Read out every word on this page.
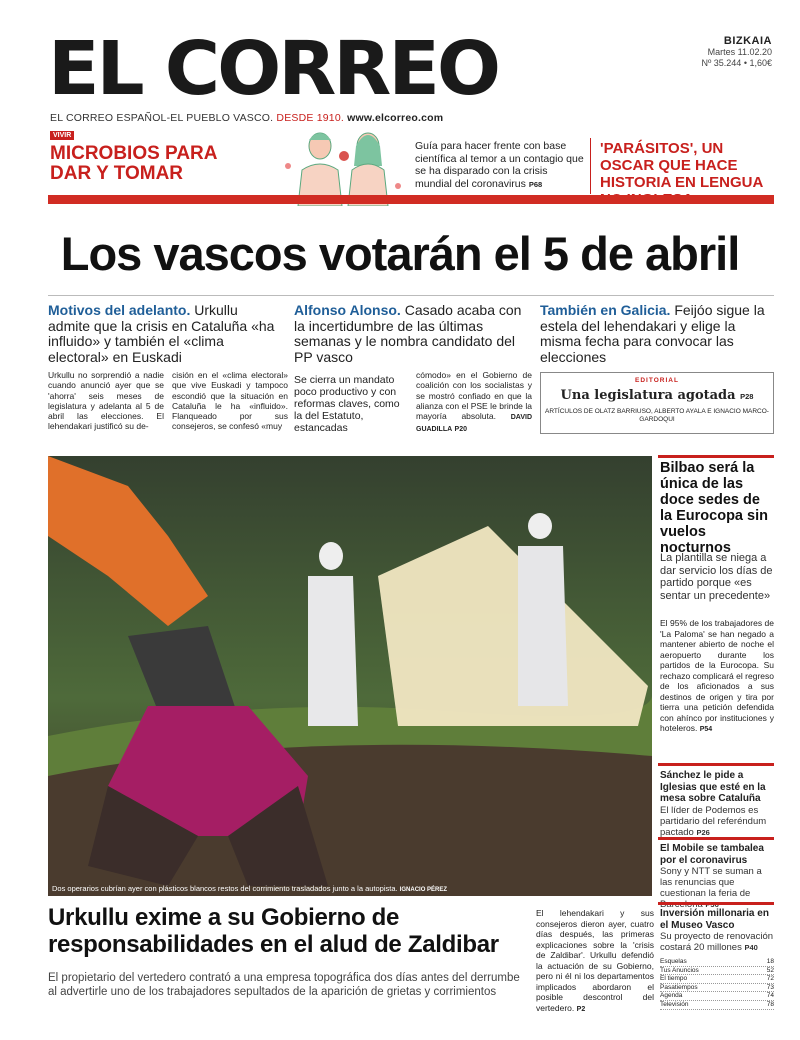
EL CORREO	BIZKAIA
Martes 11.02.20
Nº 35.244 • 1,60€
EL CORREO ESPAÑOL-EL PUEBLO VASCO. DESDE 1910. www.elcorreo.com
VIVIR
MICROBIOS PARA DAR Y TOMAR
Guía para hacer frente con base científica al temor a un contagio que se ha disparado con la crisis mundial del coronavirus P68
'PARÁSITOS', UN OSCAR QUE HACE HISTORIA EN LENGUA
Los vascos votarán el 5 de abril
Motivos del adelanto. Urkullu admite que la crisis en Cataluña «ha influido» y también el «clima electoral» en Euskadi
Alfonso Alonso. Casado acaba con la incertidumbre de las últimas semanas y le nombra candidato del PP vasco
También en Galicia. Feijóo sigue la estela del lehendakari y elige la misma fecha para convocar las elecciones
Urkullu no sorprendió a nadie cuando anunció ayer que se 'ahorra' seis meses de legislatura y adelanta al 5 de abril las elecciones. El lehendakari justificó su de-
cisión en el «clima electoral» que vive Euskadi y tampoco escondió que la situación en Cataluña le ha «influido». Flanqueado por sus consejeros, se confesó «muy
Se cierra un mandato poco productivo y con reformas claves, como la del Estatuto, estancadas
cómodo» en el Gobierno de coalición con los socialistas y se mostró confiado en que la alianza con el PSE le brinde la mayoría absoluta. DAVID GUADILLA P20
EDITORIAL
Una legislatura agotada P28
ARTÍCULOS DE OLATZ BARRIUSO, ALBERTO AYALA E IGNACIO MARCO-GARDOQUI
Dos operarios cubrían ayer con plásticos blancos restos del corrimiento trasladados junto a la autopista. IGNACIO PÉREZ
Bilbao será la única de las doce sedes de la Eurocopa sin vuelos nocturnos
La plantilla se niega a dar servicio los días de partido porque «es sentar un precedente»
El 95% de los trabajadores de 'La Paloma' se han negado a mantener abierto de noche el aeropuerto durante los partidos de la Eurocopa. Su rechazo complicará el regreso de los aficionados a sus destinos de origen y tira por tierra una petición defendida con ahínco por instituciones y hoteleros. P54
Sánchez le pide a Iglesias que esté en la mesa sobre Cataluña
El líder de Podemos es partidario del referéndum pactado P26
El Mobile se tambalea por el coronavirus
Sony y NTT se suman a las renuncias que cuestionan la feria de
Inversión millonaria en el Museo Vasco
Su proyecto de renovación costará 20 millones P40
Esquelas	18
Tus Anuncios	52
El tiempo	72
Pasatiempos	73
Agenda	74
Televisión	78
Urkullu exime a su Gobierno de responsabilidades en el alud de Zaldibar
El propietario del vertedero contrató a una empresa topográfica dos días antes del derrumbe al advertirle uno de los trabajadores sepultados de la aparición de grietas y corrimientos
El lehendakari y sus consejeros dieron ayer, cuatro días después, las primeras explicaciones sobre la 'crisis de Zaldibar'. Urkullu defendió la actuación de su Gobierno, pero ni él ni los departamentos implicados abordaron el posible descontrol del vertedero. P2
